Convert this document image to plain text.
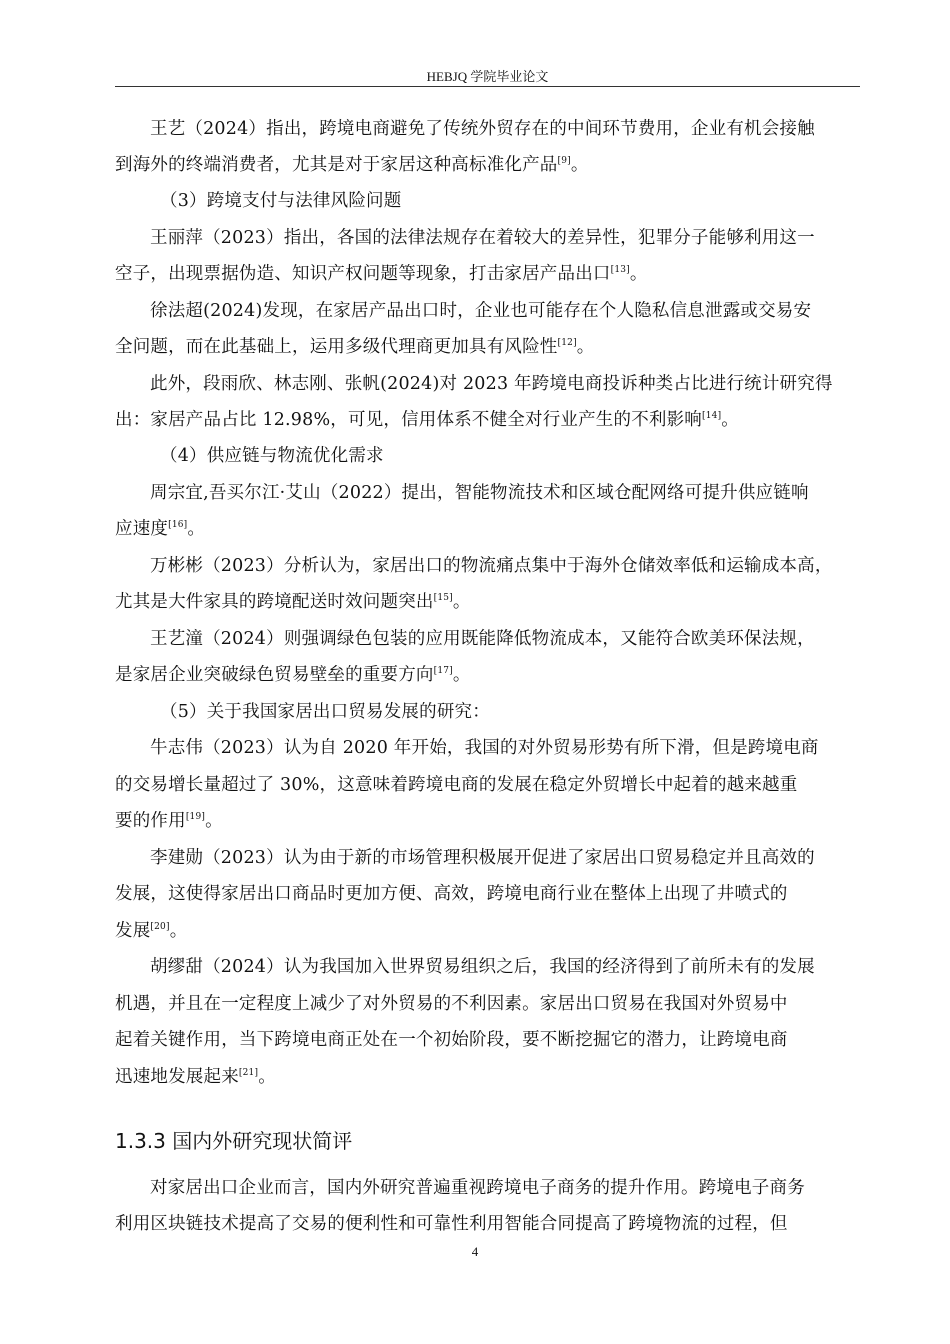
HEBJQ 学院毕业论文
王艺（2024）指出，跨境电商避免了传统外贸存在的中间环节费用，企业有机会接触
到海外的终端消费者，尤其是对于家居这种高标准化产品[9]。
（3）跨境支付与法律风险问题
王丽萍（2023）指出，各国的法律法规存在着较大的差异性，犯罪分子能够利用这一
空子，出现票据伪造、知识产权问题等现象，打击家居产品出口[13]。
徐法超(2024)发现，在家居产品出口时，企业也可能存在个人隐私信息泄露或交易安
全问题，而在此基础上，运用多级代理商更加具有风险性[12]。
此外，段雨欣、林志刚、张帆(2024)对 2023 年跨境电商投诉种类占比进行统计研究得
出：家居产品占比 12.98%，可见，信用体系不健全对行业产生的不利影响[14]。
（4）供应链与物流优化需求
周宗宜,吾买尔江·艾山（2022）提出，智能物流技术和区域仓配网络可提升供应链响
应速度[16]。
万彬彬（2023）分析认为，家居出口的物流痛点集中于海外仓储效率低和运输成本高，
尤其是大件家具的跨境配送时效问题突出[15]。
王艺潼（2024）则强调绿色包装的应用既能降低物流成本，又能符合欧美环保法规，
是家居企业突破绿色贸易壁垒的重要方向[17]。
（5）关于我国家居出口贸易发展的研究：
牛志伟（2023）认为自 2020 年开始，我国的对外贸易形势有所下滑，但是跨境电商
的交易增长量超过了 30%，这意味着跨境电商的发展在稳定外贸增长中起着的越来越重
要的作用[19]。
李建勋（2023）认为由于新的市场管理积极展开促进了家居出口贸易稳定并且高效的
发展，这使得家居出口商品时更加方便、高效，跨境电商行业在整体上出现了井喷式的
发展[20]。
胡缪甜（2024）认为我国加入世界贸易组织之后，我国的经济得到了前所未有的发展
机遇，并且在一定程度上减少了对外贸易的不利因素。家居出口贸易在我国对外贸易中
起着关键作用，当下跨境电商正处在一个初始阶段，要不断挖掘它的潜力，让跨境电商
迅速地发展起来[21]。
1.3.3 国内外研究现状简评
对家居出口企业而言，国内外研究普遍重视跨境电子商务的提升作用。跨境电子商务
利用区块链技术提高了交易的便利性和可靠性利用智能合同提高了跨境物流的过程，但
4
